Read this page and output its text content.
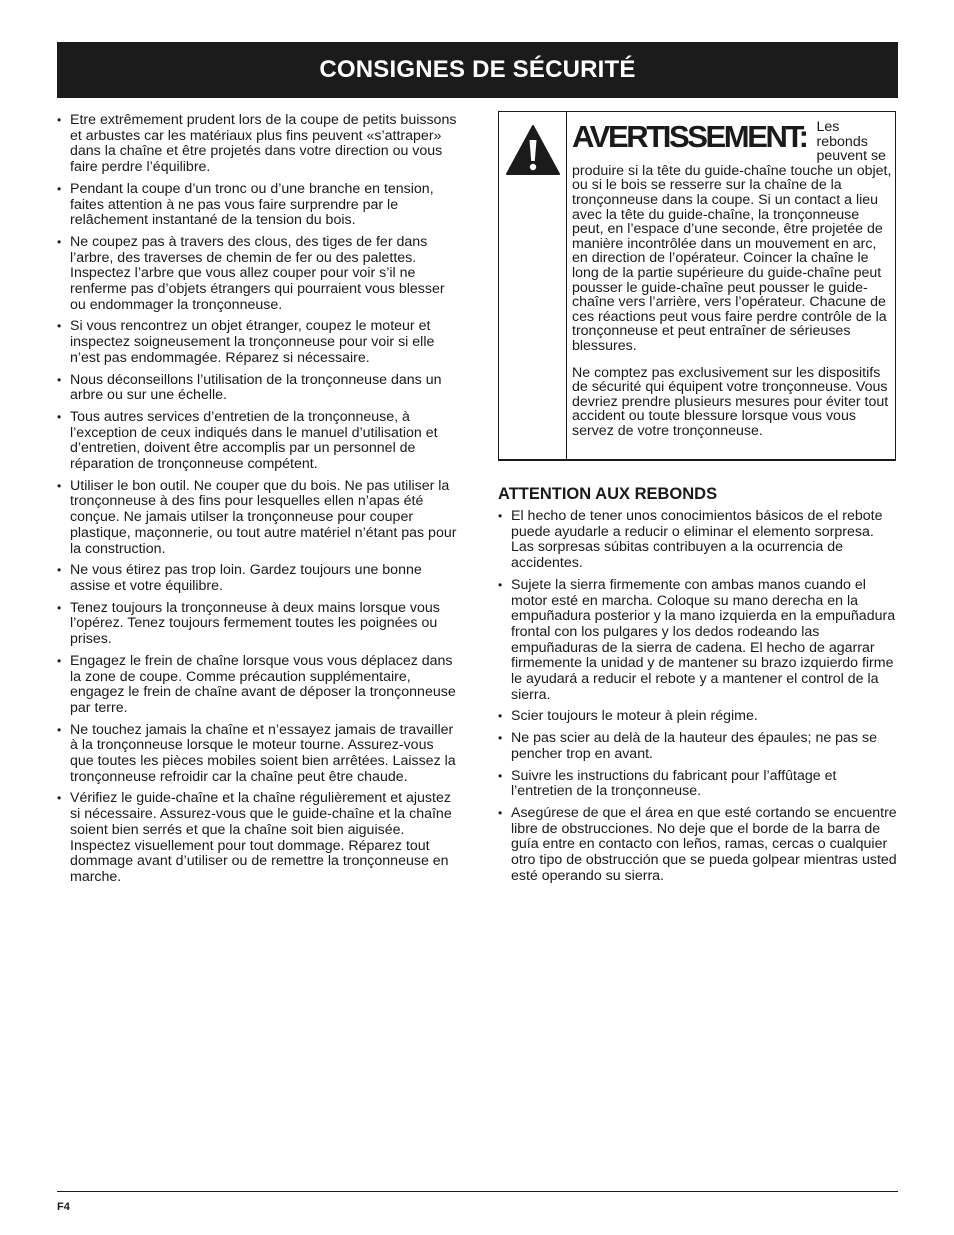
CONSIGNES DE SÉCURITÉ
• Etre extrêmement prudent lors de la coupe de petits buissons et arbustes car les matériaux plus fins peuvent «s’attraper» dans la chaîne et être projetés dans votre direction ou vous faire perdre l’équilibre.
• Pendant la coupe d’un tronc ou d’une branche en tension, faites attention à ne pas vous faire surprendre par le relâchement instantané de la tension du bois.
• Ne coupez pas à travers des clous, des tiges de fer dans l’arbre, des traverses de chemin de fer ou des palettes. Inspectez l’arbre que vous allez couper pour voir s’il ne renferme pas d’objets étrangers qui pourraient vous blesser ou endommager la tronçonneuse.
• Si vous rencontrez un objet étranger, coupez le moteur et inspectez soigneusement la tronçonneuse pour voir si elle n’est pas endommagée. Réparez si nécessaire.
• Nous déconseillons l’utilisation de la tronçonneuse dans un arbre ou sur une échelle.
• Tous autres services d’entretien de la tronçonneuse, à l’exception de ceux indiqués dans le manuel d’utilisation et d’entretien, doivent être accomplis par un personnel de réparation de tronçonneuse compétent.
• Utiliser le bon outil. Ne couper que du bois. Ne pas utiliser la tronçonneuse à des fins pour lesquelles ellen n’apas été conçue. Ne jamais utilser la tronçonneuse pour couper plastique, maçonnerie, ou tout autre matériel n’étant pas pour la construction.
• Ne vous étirez pas trop loin. Gardez toujours une bonne assise et votre équilibre.
• Tenez toujours la tronçonneuse à deux mains lorsque vous l’opérez. Tenez toujours fermement toutes les poignées ou prises.
• Engagez le frein de chaîne lorsque vous vous déplacez dans la zone de coupe. Comme précaution supplémentaire, engagez le frein de chaîne avant de déposer la tronçonneuse par terre.
• Ne touchez jamais la chaîne et n’essayez jamais de travailler à la tronçonneuse lorsque le moteur tourne. Assurez-vous que toutes les pièces mobiles soient bien arrêtées. Laissez la tronçonneuse refroidir car la chaîne peut être chaude.
• Vérifiez le guide-chaîne et la chaîne régulièrement et ajustez si nécessaire. Assurez-vous que le guide-chaîne et la chaîne soient bien serrés et que la chaîne soit bien aiguisée. Inspectez visuellement pour tout dommage. Réparez tout dommage avant d’utiliser ou de remettre la tronçonneuse en marche.
AVERTISSEMENT: Les rebonds peuvent se produire si la tête du guide-chaîne touche un objet, ou si le bois se resserre sur la chaîne de la tronçonneuse dans la coupe. Si un contact a lieu avec la tête du guide-chaîne, la tronçonneuse peut, en l’espace d’une seconde, être projetée de manière incontrôlée dans un mouvement en arc, en direction de l’opérateur. Coincer la chaîne le long de la partie supérieure du guide-chaîne peut pousser le guide-chaîne peut pousser le guide-chaîne vers l’arrière, vers l’opérateur. Chacune de ces réactions peut vous faire perdre contrôle de la tronçonneuse et peut entraîner de sérieuses blessures.

Ne comptez pas exclusivement sur les dispositifs de sécurité qui équipent votre tronçonneuse. Vous devriez prendre plusieurs mesures pour éviter tout accident ou toute blessure lorsque vous vous servez de votre tronçonneuse.

ATTENTION AUX REBONDS
• El hecho de tener unos conocimientos básicos de el rebote puede ayudarle a reducir o eliminar el elemento sorpresa. Las sorpresas súbitas contribuyen a la ocurrencia de accidentes.
• Sujete la sierra firmemente con ambas manos cuando el motor esté en marcha. Coloque su mano derecha en la empuñadura posterior y la mano izquierda en la empuñadura frontal con los pulgares y los dedos rodeando las empuñaduras de la sierra de cadena. El hecho de agarrar firmemente la unidad y de mantener su brazo izquierdo firme le ayudará a reducir el rebote y a mantener el control de la sierra.
• Scier toujours le moteur à plein régime.
• Ne pas scier au delà de la hauteur des épaules; ne pas se pencher trop en avant.
• Suivre les instructions du fabricant pour l’affûtage et l’entretien de la tronçonneuse.
• Asegúrese de que el área en que esté cortando se encuentre libre de obstrucciones. No deje que el borde de la barra de guía entre en contacto con leños, ramas, cercas o cualquier otro tipo de obstrucción que se pueda golpear mientras usted esté operando su sierra.
F4
